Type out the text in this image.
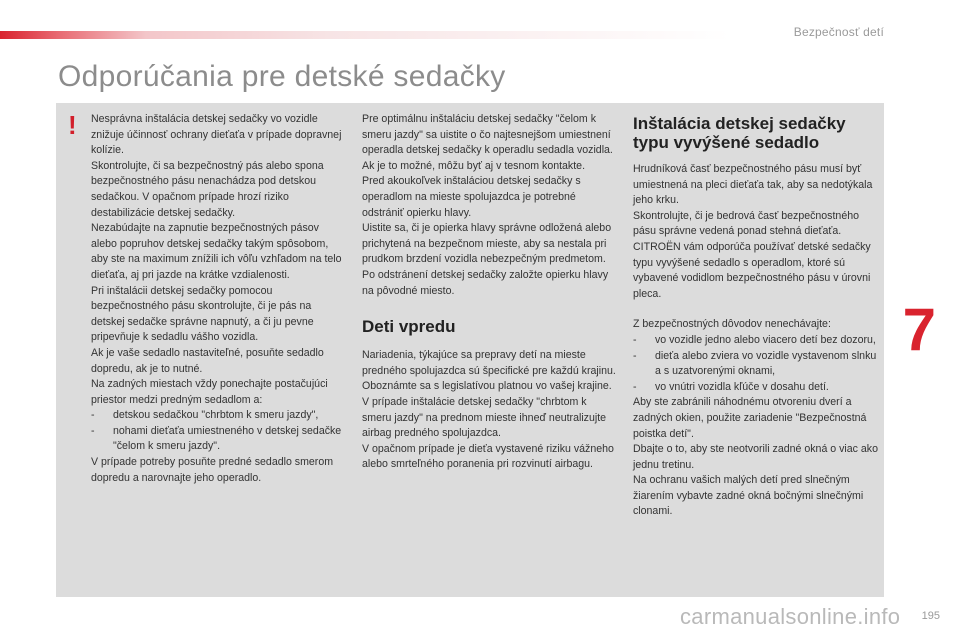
Bezpečnosť detí
Odporúčania pre detské sedačky
! Nesprávna inštalácia detskej sedačky vo vozidle znižuje účinnosť ochrany dieťaťa v prípade dopravnej kolízie.

Skontrolujte, či sa bezpečnostný pás alebo spona bezpečnostného pásu nenachádza pod detskou sedačkou. V opačnom prípade hrozí riziko destabilizácie detskej sedačky.

Nezabúdajte na zapnutie bezpečnostných pásov alebo popruhov detskej sedačky takým spôsobom, aby ste na maximum znížili ich vôľu vzhľadom na telo dieťaťa, aj pri jazde na krátke vzdialenosti.

Pri inštalácii detskej sedačky pomocou bezpečnostného pásu skontrolujte, či je pás na detskej sedačke správne napnutý, a či ju pevne pripevňuje k sedadlu vášho vozidla.

Ak je vaše sedadlo nastaviteľné, posuňte sedadlo dopredu, ak je to nutné.

Na zadných miestach vždy ponechajte postačujúci priestor medzi predným sedadlom a:

-	detskou sedačkou "chrbtom k smeru jazdy",
-	nohami dieťaťa umiestneného v detskej sedačke "čelom k smeru jazdy".

V prípade potreby posuňte predné sedadlo smerom dopredu a narovnajte jeho operadlo.

Pre optimálnu inštaláciu detskej sedačky "čelom k smeru jazdy" sa uistite o čo najtesnejšom umiestnení operadla detskej sedačky k operadlu sedadla vozidla. Ak je to možné, môžu byť aj v tesnom kontakte.

Pred akoukoľvek inštaláciou detskej sedačky s operadlom na mieste spolujazdca je potrebné odstrániť opierku hlavy.

Uistite sa, či je opierka hlavy správne odložená alebo prichytená na bezpečnom mieste, aby sa nestala pri prudkom brzdení vozidla nebezpečným predmetom. Po odstránení detskej sedačky založte opierku hlavy na pôvodné miesto.

Deti vpredu

Nariadenia, týkajúce sa prepravy detí na mieste predného spolujazdca sú špecifické pre každú krajinu. Oboznámte sa s legislatívou platnou vo vašej krajine.

V prípade inštalácie detskej sedačky "chrbtom k smeru jazdy" na prednom mieste ihneď neutralizujte airbag predného spolujazdca.

V opačnom prípade je dieťa vystavené riziku vážneho alebo smrteľného poranenia pri rozvinutí airbagu.

Inštalácia detskej sedačky typu vyvýšené sedadlo

Hrudníková časť bezpečnostného pásu musí byť umiestnená na pleci dieťaťa tak, aby sa nedotýkala jeho krku.

Skontrolujte, či je bedrová časť bezpečnostného pásu správne vedená ponad stehná dieťaťa.

CITROËN vám odporúča používať detské sedačky typu vyvýšené sedadlo s operadlom, ktoré sú vybavené vodidlom bezpečnostného pásu v úrovni pleca.

Z bezpečnostných dôvodov nenechávajte:

-	vo vozidle jedno alebo viacero detí bez dozoru,
-	dieťa alebo zviera vo vozidle vystavenom slnku a s uzatvorenými oknami,
-	vo vnútri vozidla kľúče v dosahu detí.

Aby ste zabránili náhodnému otvoreniu dverí a zadných okien, použite zariadenie "Bezpečnostná poistka detí".

Dbajte o to, aby ste neotvorili zadné okná o viac ako jednu tretinu.

Na ochranu vašich malých detí pred slnečným žiarením vybavte zadné okná bočnými slnečnými clonami.

7
carmanualsonline.info 195
